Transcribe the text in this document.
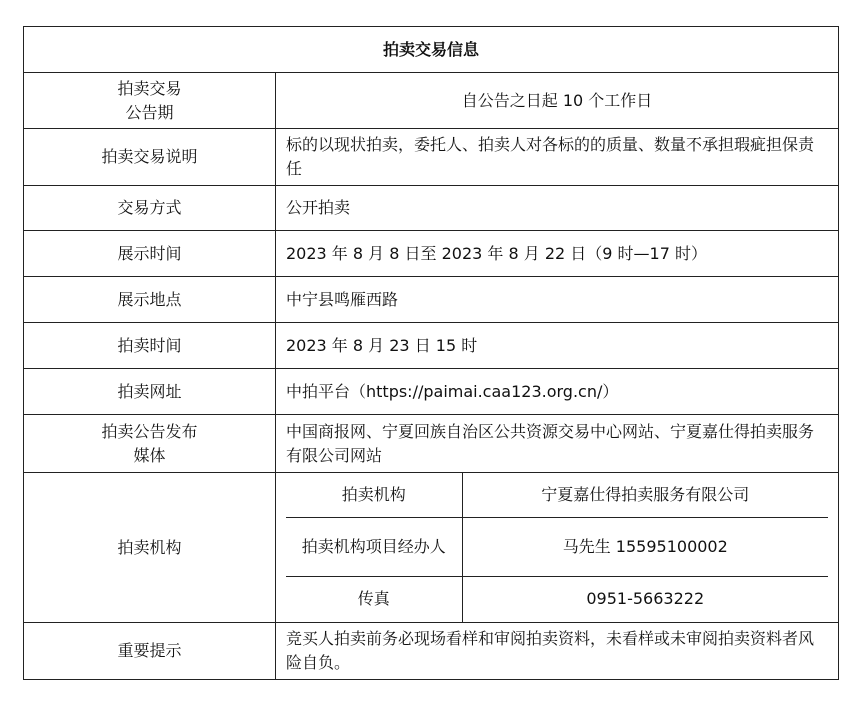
拍卖交易信息

拍卖交易
公告期
	自公告之日起 10 个工作日
拍卖交易说明	标的以现状拍卖，委托人、拍卖人对各标的的质量、数量不承担瑕疵担保责任
交易方式	公开拍卖
展示时间	2023 年 8 月 8 日至 2023 年 8 月 22 日（9 时—17 时）
展示地点	中宁县鸣雁西路
拍卖时间	2023 年 8 月 23 日 15 时
拍卖网址	中拍平台（https://paimai.caa123.org.cn/）

拍卖公告发布
媒体
	中国商报网、宁夏回族自治区公共资源交易中心网站、宁夏嘉仕得拍卖服务有限公司网站
拍卖机构	
拍卖机构	宁夏嘉仕得拍卖服务有限公司
拍卖机构项目经办人	马先生 15595100002
传真	0951-5663222

重要提示	竞买人拍卖前务必现场看样和审阅拍卖资料，未看样或未审阅拍卖资料者风险自负。
